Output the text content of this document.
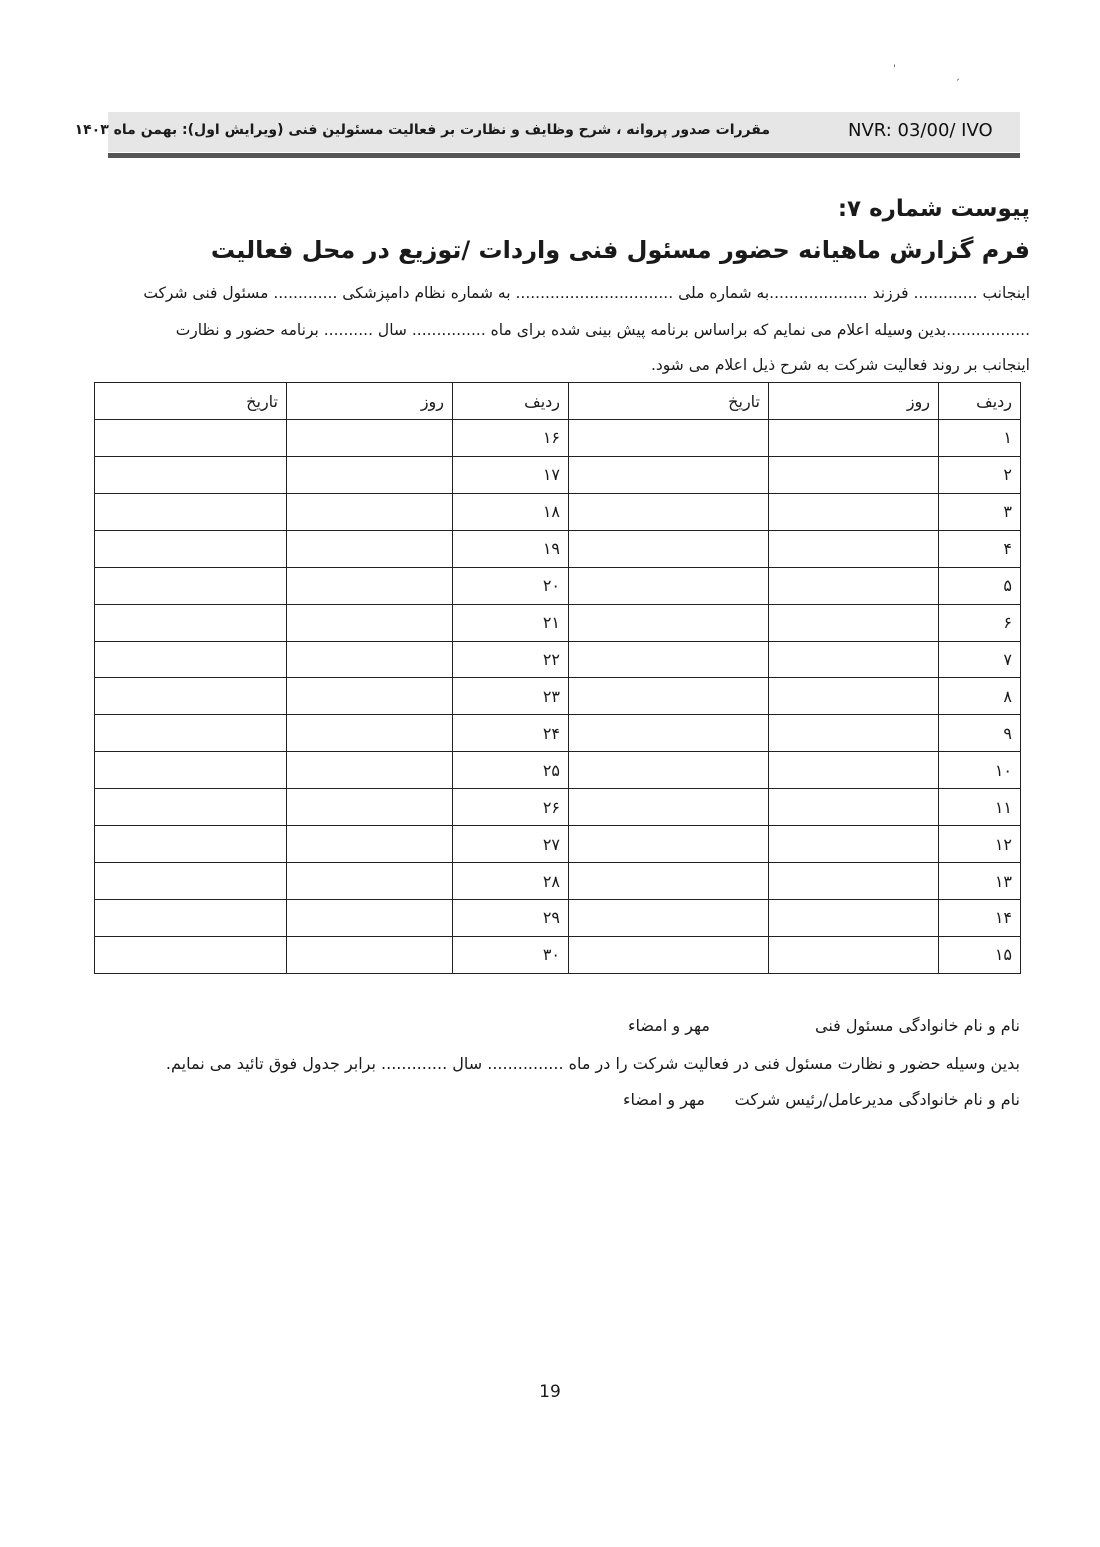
ˈ
ˏ
NVR: 03/00/ IVO
مقررات صدور پروانه ، شرح وظایف و نظارت بر فعالیت مسئولین فنی (ویرایش اول): بهمن ماه ۱۴۰۳
پیوست شماره ۷:
فرم گزارش ماهیانه حضور مسئول فنی واردات /توزیع در محل فعالیت
اینجانب ............. فرزند ....................به شماره ملی ................................ به شماره نظام دامپزشکی ............. مسئول فنی شرکت
.................بدین وسیله اعلام می نمایم که براساس برنامه پیش بینی شده برای ماه ............... سال .......... برنامه حضور و نظارت
اینجانب بر روند فعالیت شرکت به شرح ذیل اعلام می شود.
ردیف	روز	تاریخ	ردیف	روز	تاریخ
۱			۱۶		
۲			۱۷		
۳			۱۸		
۴			۱۹		
۵			۲۰		
۶			۲۱		
۷			۲۲		
۸			۲۳		
۹			۲۴		
۱۰			۲۵		
۱۱			۲۶		
۱۲			۲۷		
۱۳			۲۸		
۱۴			۲۹		
۱۵			۳۰		
نام و نام خانوادگی مسئول فنی
مهر و امضاء
بدین وسیله حضور و نظارت مسئول فنی در فعالیت شرکت را در ماه ............... سال ............. برابر جدول فوق تائید می نمایم.
نام و نام خانوادگی مدیرعامل/رئیس شرکت
مهر و امضاء
19
